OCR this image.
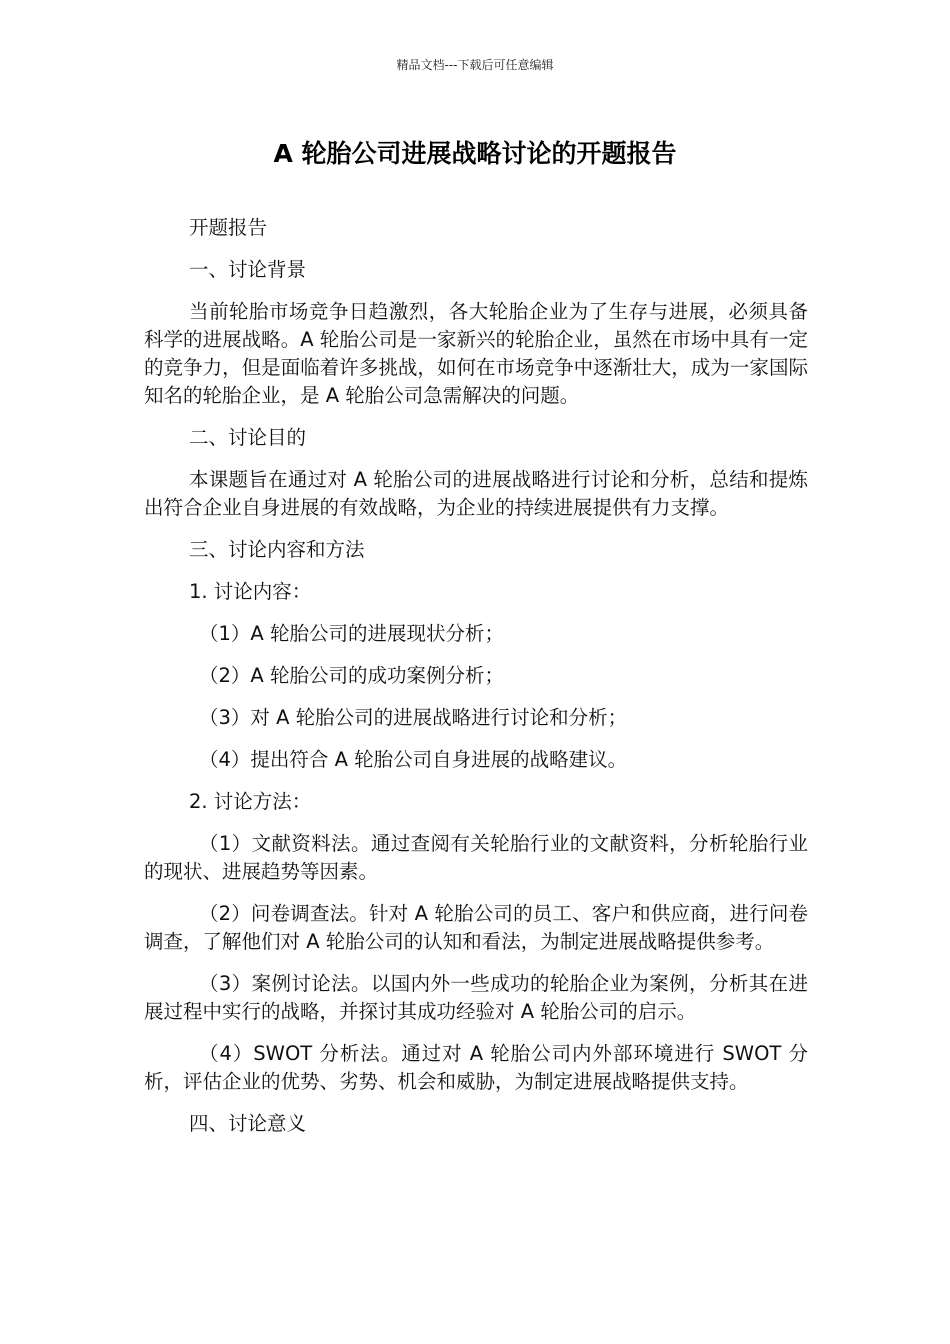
精品文档---下载后可任意编辑
A 轮胎公司进展战略讨论的开题报告

开题报告

一、讨论背景

当前轮胎市场竞争日趋激烈，各大轮胎企业为了生存与进展，必须具备科学的进展战略。A 轮胎公司是一家新兴的轮胎企业，虽然在市场中具有一定的竞争力，但是面临着许多挑战，如何在市场竞争中逐渐壮大，成为一家国际知名的轮胎企业，是 A 轮胎公司急需解决的问题。

二、讨论目的

本课题旨在通过对 A 轮胎公司的进展战略进行讨论和分析，总结和提炼出符合企业自身进展的有效战略，为企业的持续进展提供有力支撑。

三、讨论内容和方法

1. 讨论内容：

（1）A 轮胎公司的进展现状分析；

（2）A 轮胎公司的成功案例分析；

（3）对 A 轮胎公司的进展战略进行讨论和分析；

（4）提出符合 A 轮胎公司自身进展的战略建议。

2. 讨论方法：

（1）文献资料法。通过查阅有关轮胎行业的文献资料，分析轮胎行业的现状、进展趋势等因素。

（2）问卷调查法。针对 A 轮胎公司的员工、客户和供应商，进行问卷调查，了解他们对 A 轮胎公司的认知和看法，为制定进展战略提供参考。

（3）案例讨论法。以国内外一些成功的轮胎企业为案例，分析其在进展过程中实行的战略，并探讨其成功经验对 A 轮胎公司的启示。

（4）SWOT 分析法。通过对 A 轮胎公司内外部环境进行 SWOT 分析，评估企业的优势、劣势、机会和威胁，为制定进展战略提供支持。

四、讨论意义
